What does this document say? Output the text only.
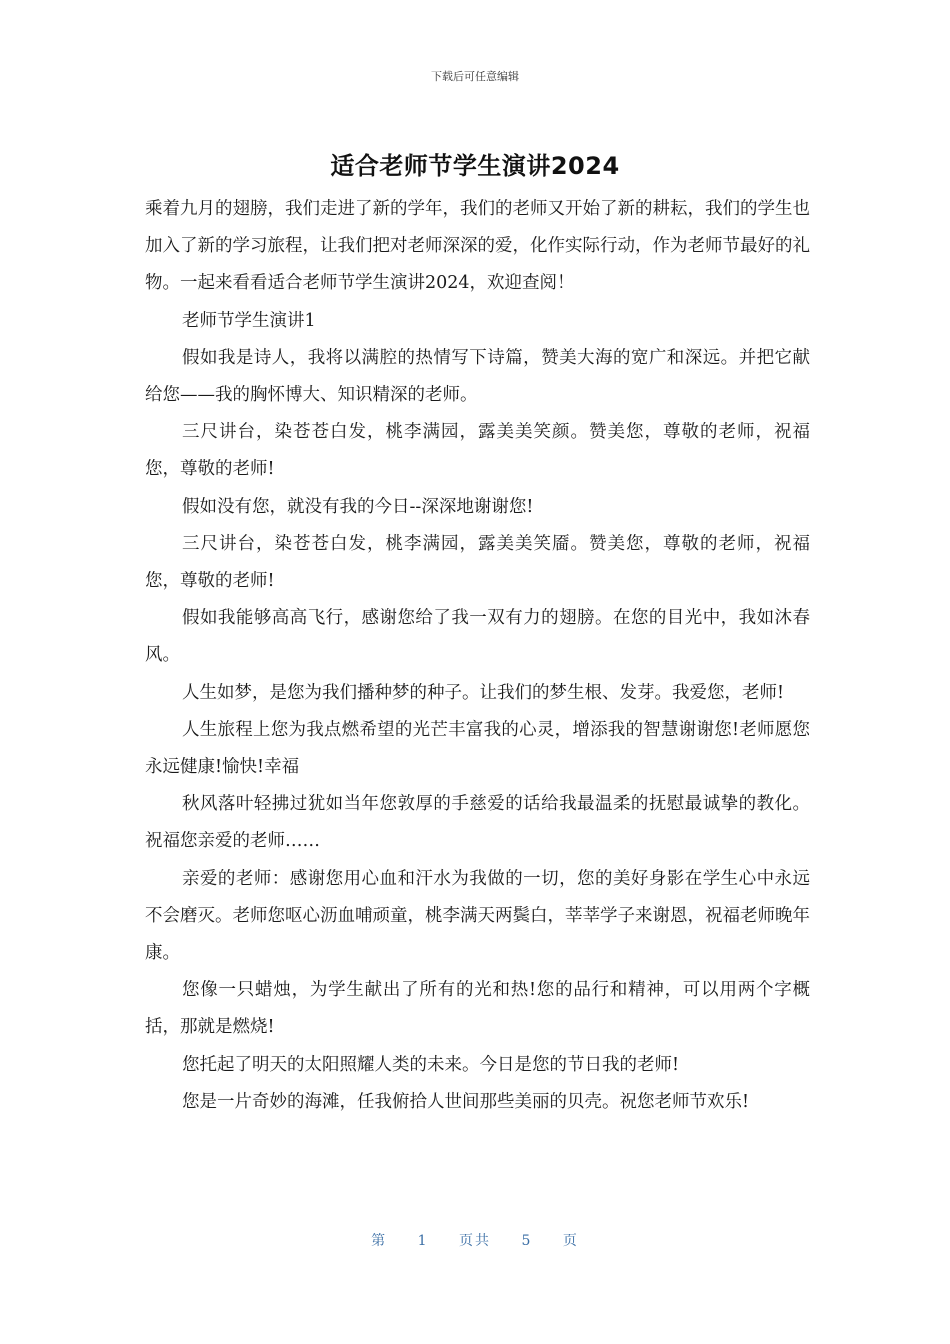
下载后可任意编辑
适合老师节学生演讲2024

乘着九月的翅膀，我们走进了新的学年，我们的老师又开始了新的耕耘，我们的学生也加入了新的学习旅程，让我们把对老师深深的爱，化作实际行动，作为老师节最好的礼物。一起来看看适合老师节学生演讲2024，欢迎查阅！

老师节学生演讲1

假如我是诗人，我将以满腔的热情写下诗篇，赞美大海的宽广和深远。并把它献给您——我的胸怀博大、知识精深的老师。

三尺讲台，染苍苍白发，桃李满园，露美美笑颜。赞美您，尊敬的老师，祝福您，尊敬的老师!

假如没有您，就没有我的今日--深深地谢谢您!

三尺讲台，染苍苍白发，桃李满园，露美美笑靥。赞美您，尊敬的老师，祝福您，尊敬的老师!

假如我能够高高飞行，感谢您给了我一双有力的翅膀。在您的目光中，我如沐春风。

人生如梦，是您为我们播种梦的种子。让我们的梦生根、发芽。我爱您，老师!

人生旅程上您为我点燃希望的光芒丰富我的心灵，增添我的智慧谢谢您!老师愿您永远健康!愉快!幸福

秋风落叶轻拂过犹如当年您敦厚的手慈爱的话给我最温柔的抚慰最诚挚的教化。祝福您亲爱的老师……

亲爱的老师：感谢您用心血和汗水为我做的一切，您的美好身影在学生心中永远不会磨灭。老师您呕心沥血哺顽童，桃李满天两鬓白，莘莘学子来谢恩，祝福老师晚年康。

您像一只蜡烛，为学生献出了所有的光和热!您的品行和精神，可以用两个字概括，那就是燃烧!

您托起了明天的太阳照耀人类的未来。今日是您的节日我的老师!

您是一片奇妙的海滩，任我俯拾人世间那些美丽的贝壳。祝您老师节欢乐!

第 1 页共 5 页
